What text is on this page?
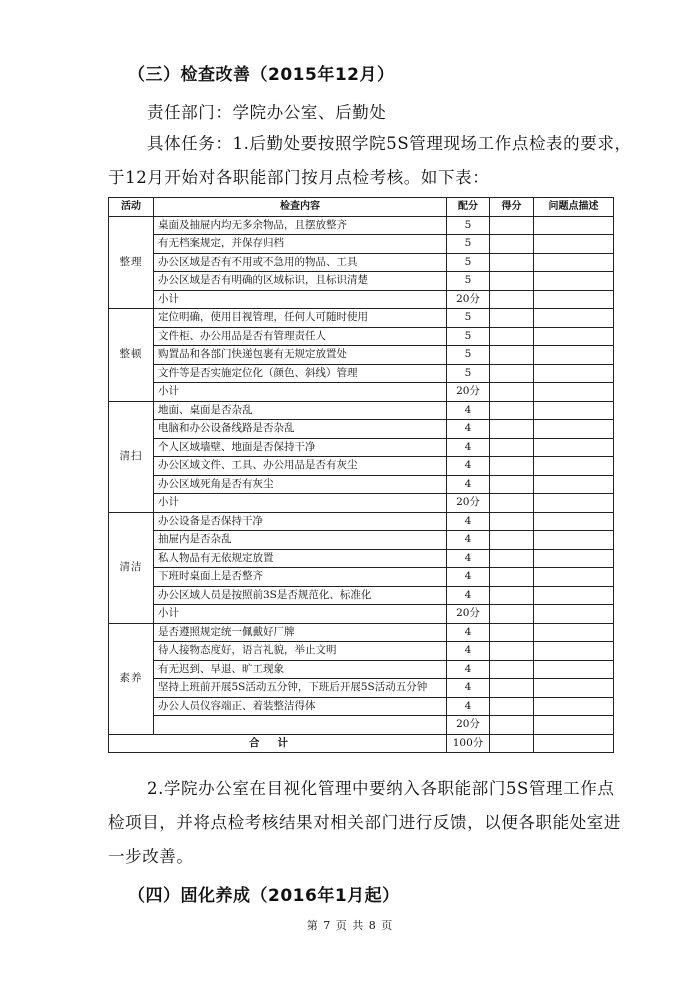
（三）检查改善（2015年12月）
责任部门：学院办公室、后勤处
具体任务：1.后勤处要按照学院5S管理现场工作点检表的要求，
于12月开始对各职能部门按月点检考核。如下表：
活动	检查内容	配分	得分	问题点描述
整理	桌面及抽屉内均无多余物品，且摆放整齐	5		
	有无档案规定，并保存归档	5		
	办公区域是否有不用或不急用的物品、工具	5		
	办公区域是否有明确的区域标识，且标识清楚	5		
	小计	20分		
整顿	定位明确，使用目视管理，任何人可随时使用	5		
	文件柜、办公用品是否有管理责任人	5		
	购置品和各部门快递包裹有无规定放置处	5		
	文件等是否实施定位化（颜色、斜线）管理	5		
	小计	20分		
清扫	地面、桌面是否杂乱	4		
	电脑和办公设备线路是否杂乱	4		
	个人区域墙壁、地面是否保持干净	4		
	办公区域文件、工具、办公用品是否有灰尘	4		
	办公区域死角是否有灰尘	4		
	小计	20分		
清洁	办公设备是否保持干净	4		
	抽屉内是否杂乱	4		
	私人物品有无依规定放置	4		
	下班时桌面上是否整齐	4		
	办公区域人员是按照前3S是否规范化、标准化	4		
	小计	20分		
素养	是否遵照规定统一佩戴好厂牌	4		
	待人接物态度好，语言礼貌，举止文明	4		
	有无迟到、早退、旷工现象	4		
	坚持上班前开展5S活动五分钟，下班后开展5S活动五分钟	4		
	办公人员仪容端正、着装整洁得体	4		
		20分		
合计		100分		
2.学院办公室在目视化管理中要纳入各职能部门5S管理工作点
检项目，并将点检考核结果对相关部门进行反馈，以便各职能处室进
一步改善。
（四）固化养成（2016年1月起）
第 7 页 共 8 页
